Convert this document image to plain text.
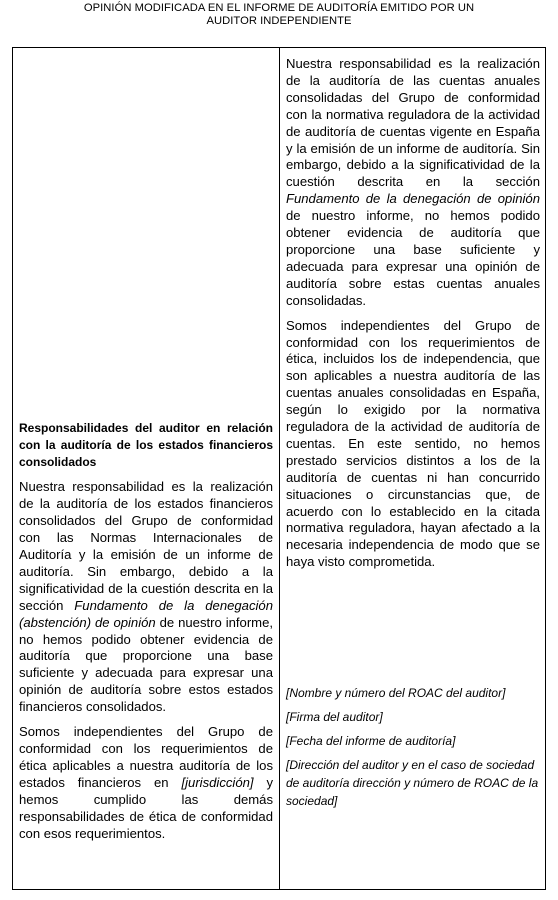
OPINIÓN MODIFICADA EN EL INFORME DE AUDITORÍA EMITIDO POR UN
AUDITOR INDEPENDIENTE

Responsabilidades del auditor en relación con la auditoría de los estados financieros consolidados

Nuestra responsabilidad es la realización de la auditoría de los estados financieros consolidados del Grupo de conformidad con las Normas Internacionales de Auditoría y la emisión de un informe de auditoría. Sin embargo, debido a la significatividad de la cuestión descrita en la sección Fundamento de la denegación (abstención) de opinión de nuestro informe, no hemos podido obtener evidencia de auditoría que proporcione una base suficiente y adecuada para expresar una opinión de auditoría sobre estos estados financieros consolidados.

Somos independientes del Grupo de conformidad con los requerimientos de ética aplicables a nuestra auditoría de los estados financieros en [jurisdicción] y hemos cumplido las demás responsabilidades de ética de conformidad con esos requerimientos.

Nuestra responsabilidad es la realización de la auditoría de las cuentas anuales consolidadas del Grupo de conformidad con la normativa reguladora de la actividad de auditoría de cuentas vigente en España y la emisión de un informe de auditoría. Sin embargo, debido a la significatividad de la cuestión descrita en la sección Fundamento de la denegación de opinión de nuestro informe, no hemos podido obtener evidencia de auditoría que proporcione una base suficiente y adecuada para expresar una opinión de auditoría sobre estas cuentas anuales consolidadas.

Somos independientes del Grupo de conformidad con los requerimientos de ética, incluidos los de independencia, que son aplicables a nuestra auditoría de las cuentas anuales consolidadas en España, según lo exigido por la normativa reguladora de la actividad de auditoría de cuentas. En este sentido, no hemos prestado servicios distintos a los de la auditoría de cuentas ni han concurrido situaciones o circunstancias que, de acuerdo con lo establecido en la citada normativa reguladora, hayan afectado a la necesaria independencia de modo que se haya visto comprometida.

[Nombre y número del ROAC del auditor]

[Firma del auditor]

[Fecha del informe de auditoría]

[Dirección del auditor y en el caso de sociedad de auditoría dirección y número de ROAC de la sociedad]
